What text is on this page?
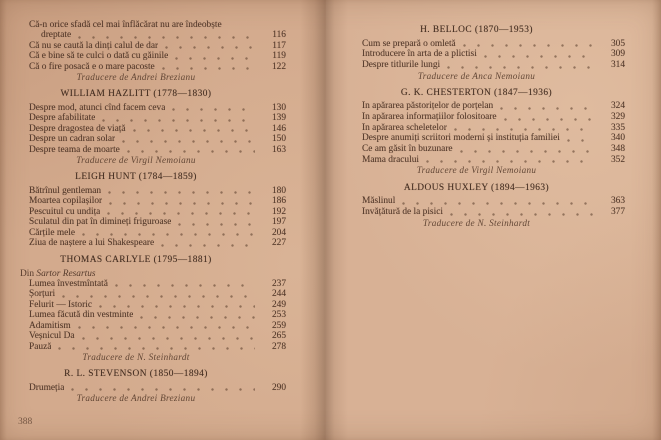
Că-n orice sfadă cel mai înflăcărat nu are îndeobște
dreptate	116
Că nu se caută la dinți calul de dar	117
Că e bine să te culci o dată cu găinile	119
Că o fire posacă e o mare pacoste	122
Traducere de Andrei Brezianu
WILLIAM HAZLITT (1778—1830)
Despre mod, atunci cînd facem ceva	130
Despre afabilitate	139
Despre dragostea de viață	146
Despre un cadran solar	150
Despre teama de moarte	163
Traducere de Virgil Nemoianu
LEIGH HUNT (1784—1859)
Bătrînul gentleman	180
Moartea copilașilor	186
Pescuitul cu undița	192
Sculatul din pat în dimineți friguroase	197
Cărțile mele	204
Ziua de naștere a lui Shakespeare	227
THOMAS CARLYLE (1795—1881)
Din Sartor Resartus
Lumea învestmîntată	237
Șorțuri	244
Felurit — Istoric	249
Lumea făcută din vestminte	253
Adamitism	259
Veșnicul Da	265
Pauză	278
Traducere de N. Steinhardt
R. L. STEVENSON (1850—1894)
Drumeția	290
Traducere de Andrei Brezianu
388
H. BELLOC (1870—1953)
Cum se prepară o omletă	305
Introducere în arta de a plictisi	309
Despre titlurile lungi	314
Traducere de Anca Nemoianu
G. K. CHESTERTON (1847—1936)
În apărarea păstorițelor de porțelan	324
În apărarea informațiilor folositoare	329
În apărarea scheletelor	335
Despre anumiți scriitori moderni și instituția familiei	340
Ce am găsit în buzunare	348
Mama dracului	352
Traducere de Virgil Nemoianu
ALDOUS HUXLEY (1894—1963)
Măslinul	363
Învățătură de la pisici	377
Traducere de N. Steinhardt
